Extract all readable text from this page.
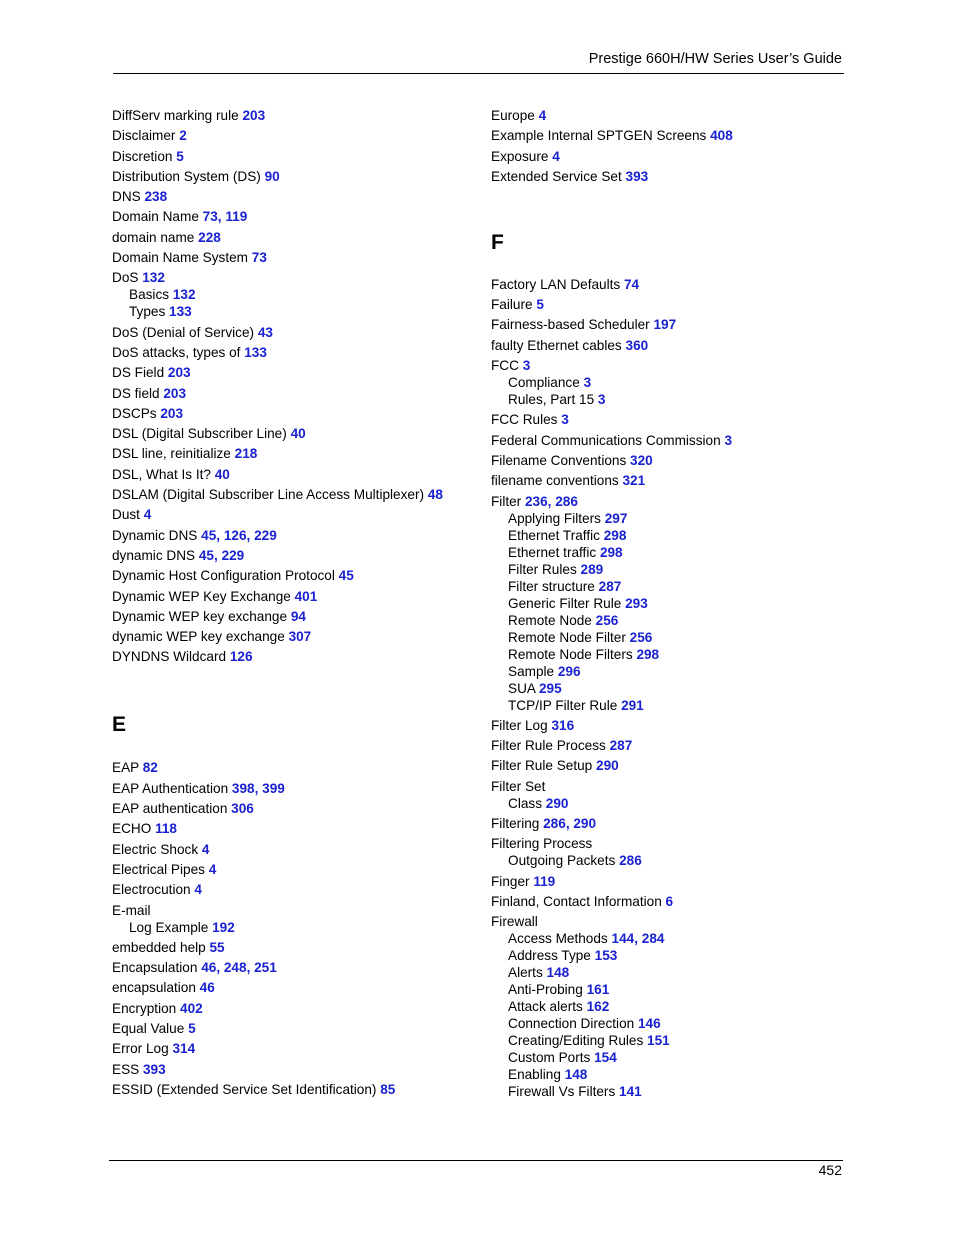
Prestige 660H/HW Series User’s Guide
DiffServ marking rule 203
Disclaimer 2
Discretion 5
Distribution System (DS) 90
DNS 238
Domain Name 73, 119
domain name 228
Domain Name System 73
DoS 132
Basics 132
Types 133
DoS (Denial of Service) 43
DoS attacks, types of 133
DS Field 203
DS field 203
DSCPs 203
DSL (Digital Subscriber Line) 40
DSL line, reinitialize 218
DSL, What Is It? 40
DSLAM (Digital Subscriber Line Access Multiplexer) 48
Dust 4
Dynamic DNS 45, 126, 229
dynamic DNS 45, 229
Dynamic Host Configuration Protocol 45
Dynamic WEP Key Exchange 401
Dynamic WEP key exchange 94
dynamic WEP key exchange 307
DYNDNS Wildcard 126
E
EAP 82
EAP Authentication 398, 399
EAP authentication 306
ECHO 118
Electric Shock 4
Electrical Pipes 4
Electrocution 4
E-mail
Log Example 192
embedded help 55
Encapsulation 46, 248, 251
encapsulation 46
Encryption 402
Equal Value 5
Error Log 314
ESS 393
ESSID (Extended Service Set Identification) 85
Europe 4
Example Internal SPTGEN Screens 408
Exposure 4
Extended Service Set 393
F
Factory LAN Defaults 74
Failure 5
Fairness-based Scheduler 197
faulty Ethernet cables 360
FCC 3
Compliance 3
Rules, Part 15 3
FCC Rules 3
Federal Communications Commission 3
Filename Conventions 320
filename conventions 321
Filter 236, 286
Applying Filters 297
Ethernet Traffic 298
Ethernet traffic 298
Filter Rules 289
Filter structure 287
Generic Filter Rule 293
Remote Node 256
Remote Node Filter 256
Remote Node Filters 298
Sample 296
SUA 295
TCP/IP Filter Rule 291
Filter Log 316
Filter Rule Process 287
Filter Rule Setup 290
Filter Set
Class 290
Filtering 286, 290
Filtering Process
Outgoing Packets 286
Finger 119
Finland, Contact Information 6
Firewall
Access Methods 144, 284
Address Type 153
Alerts 148
Anti-Probing 161
Attack alerts 162
Connection Direction 146
Creating/Editing Rules 151
Custom Ports 154
Enabling 148
Firewall Vs Filters 141
452
